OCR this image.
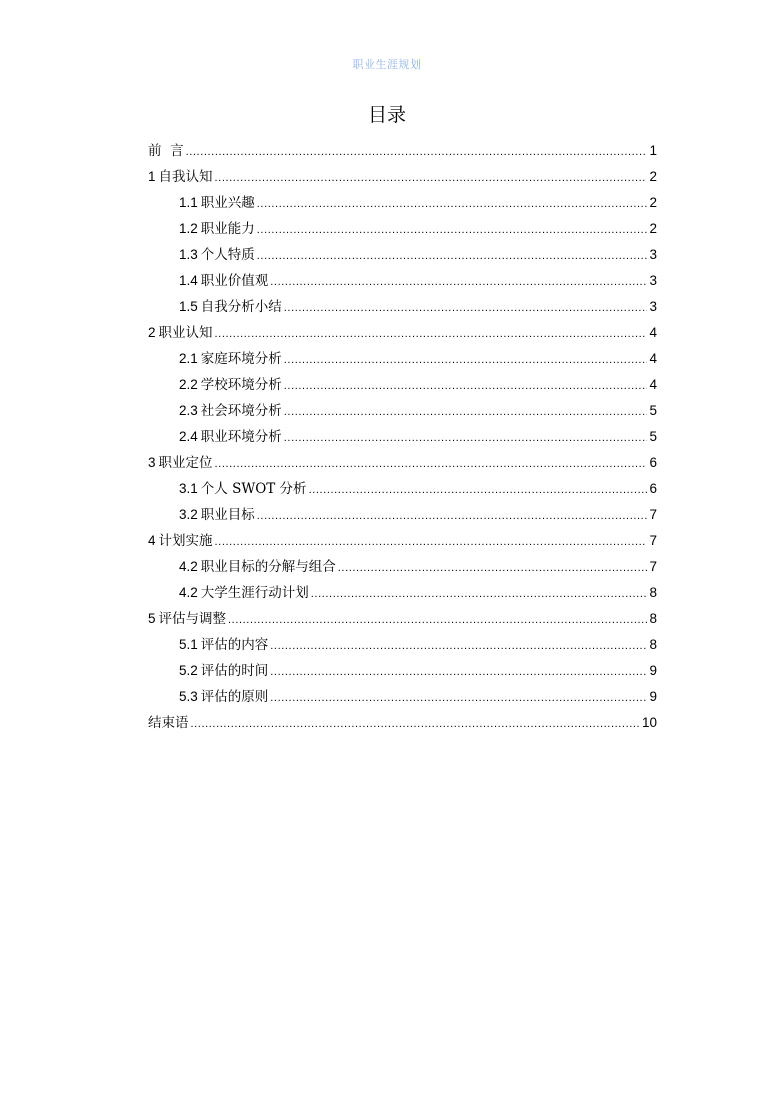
职业生涯规划
目录
前  言 .....	1
1 自我认知 .....	2
1.1 职业兴趣 .....	2
1.2 职业能力 .....	2
1.3 个人特质 .....	3
1.4 职业价值观 .....	3
1.5 自我分析小结 .....	3
2 职业认知 .....	4
2.1 家庭环境分析 .....	4
2.2 学校环境分析 .....	4
2.3 社会环境分析 .....	5
2.4 职业环境分析 .....	5
3 职业定位 .....	6
3.1 个人 SWOT 分析 .....	6
3.2 职业目标 .....	7
4 计划实施 .....	7
4.2 职业目标的分解与组合 .....	7
4.2 大学生涯行动计划 .....	8
5 评估与调整 .....	8
5.1 评估的内容 .....	8
5.2 评估的时间 .....	9
5.3 评估的原则 .....	9
结束语 .....	10
